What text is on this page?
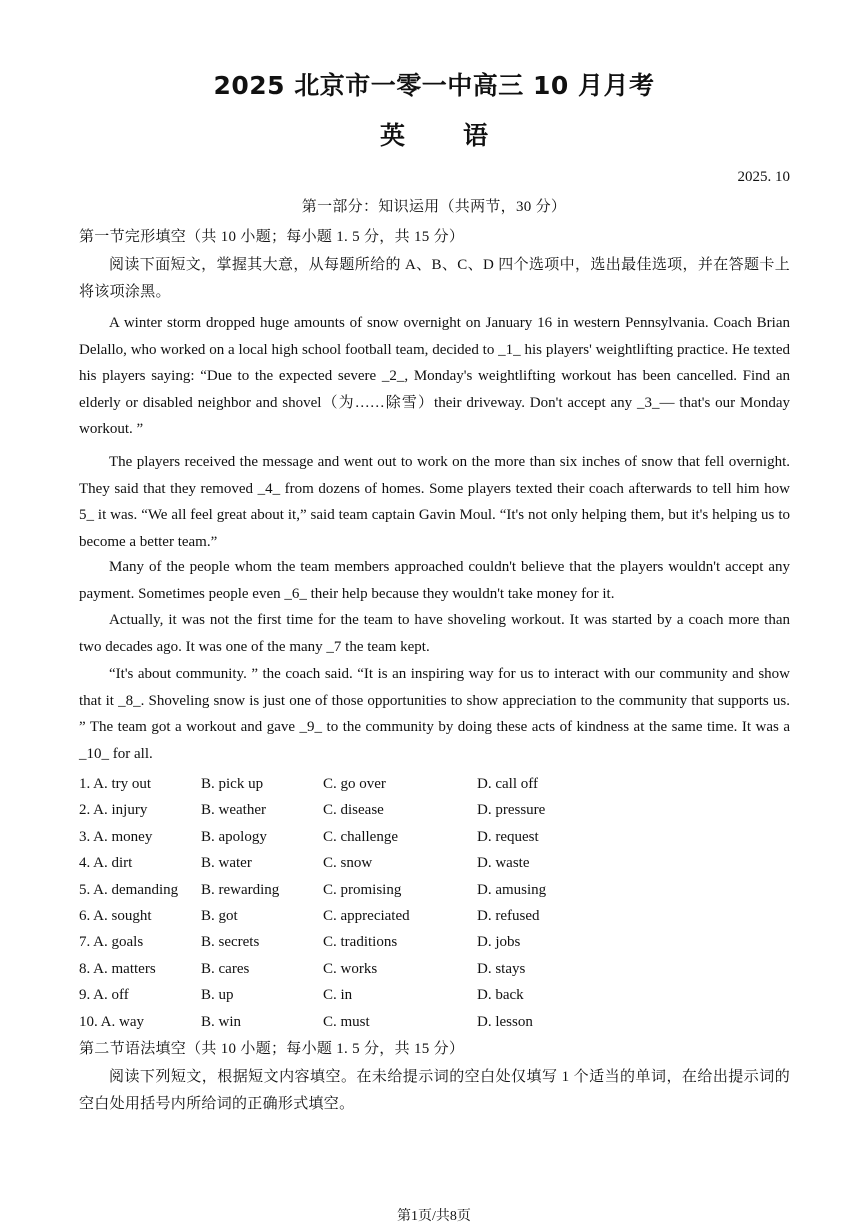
2025 北京市一零一中高三 10 月月考
英 语
2025. 10
第一部分：知识运用（共两节，30 分）
第一节完形填空（共 10 小题；每小题 1. 5 分，共 15 分）

阅读下面短文，掌握其大意，从每题所给的 A、B、C、D 四个选项中，选出最佳选项，并在答题卡上将该项涂黑。

A winter storm dropped huge amounts of snow overnight on January 16 in western Pennsylvania. Coach Brian Delallo, who worked on a local high school football team, decided to _1_ his players' weightlifting practice. He texted his players saying: “Due to the expected severe _2_, Monday's weightlifting workout has been cancelled. Find an elderly or disabled neighbor and shovel（为……除雪）their driveway. Don't accept any _3_— that's our Monday workout. ”

The players received the message and went out to work on the more than six inches of snow that fell overnight. They said that they removed _4_ from dozens of homes. Some players texted their coach afterwards to tell him how 5_ it was. “We all feel great about it,” said team captain Gavin Moul. “It's not only helping them, but it's helping us to become a better team.”

Many of the people whom the team members approached couldn't believe that the players wouldn't accept any payment. Sometimes people even _6_ their help because they wouldn't take money for it.

Actually, it was not the first time for the team to have shoveling workout. It was started by a coach more than two decades ago. It was one of the many _7 the team kept.

“It's about community. ” the coach said. “It is an inspiring way for us to interact with our community and show that it _8_. Shoveling snow is just one of those opportunities to show appreciation to the community that supports us. ” The team got a workout and gave _9_ to the community by doing these acts of kindness at the same time. It was a _10_ for all.

1. A. try out	B. pick up	C. go over	D. call off
2. A. injury	B. weather	C. disease	D. pressure
3. A. money	B. apology	C. challenge	D. request
4. A. dirt	B. water	C. snow	D. waste
5. A. demanding B. rewarding	C. promising	D. amusing
6. A. sought	B. got	C. appreciated	D. refused
7. A. goals	B. secrets	C. traditions	D. jobs
8. A. matters	B. cares	C. works	D. stays
9. A. off	B. up	C. in	D. back
10. A. way	B. win	C. must	D. lesson
第二节语法填空（共 10 小题；每小题 1. 5 分，共 15 分）

阅读下列短文，根据短文内容填空。在未给提示词的空白处仅填写 1 个适当的单词，在给出提示词的空白处用括号内所给词的正确形式填空。

第1页/共8页
